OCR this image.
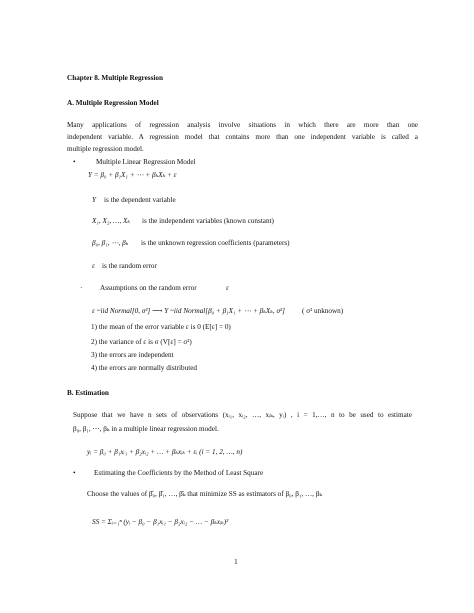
Chapter 8. Multiple Regression
A. Multiple Regression Model
Many applications of regression analysis involve situations in which there are more than one
independent variable. A regression model that contains more than one independent variable is called a
multiple regression model.
•	Multiple Linear Regression Model
Y = β₀ + β₁X₁ + ⋯ + βₖXₖ + ε
Y is the dependent variable
X₁, X₂, …, Xₖ is the independent variables (known constant)
β₀, β₁, ⋯, βₖ is the unknown regression coefficients (parameters)
ε is the random error
· Assumptions on the random error	ε
ε ~iid Normal[0, σ²] ⟶ Y ~iid Normal[β₀ + β₁X₁ + ⋯ + βₖXₖ, σ²] ( σ² unknown)
1) the mean of the error variable ε is 0 (E[ε] = 0)
2) the variance of ε is σ (V[ε] = σ²)
3) the errors are independent
4) the errors are normally distributed
B. Estimation
Suppose that we have n sets of observations (xᵢ₁, xᵢ₂, …, xᵢₖ, yᵢ) , i = 1,…, n to be used to estimate
β₀, β₁, ⋯, βₖ in a multiple linear regression model.
yᵢ = β₀ + β₁xᵢ₁ + β₂xᵢ₂ + … + βₖxᵢₖ + εᵢ (i = 1, 2, …, n)
•	Estimating the Coefficients by the Method of Least Square
Choose the values of β̂₀, β̂₁, …, β̂ₖ that minimize SS as estimators of β₀, β₁, …, βₖ
SS = Σᵢ₌₁ⁿ (yᵢ − β₀ − β₁xᵢ₁ − β₂xᵢ₂ − … − βₖxᵢₖ)²
1
